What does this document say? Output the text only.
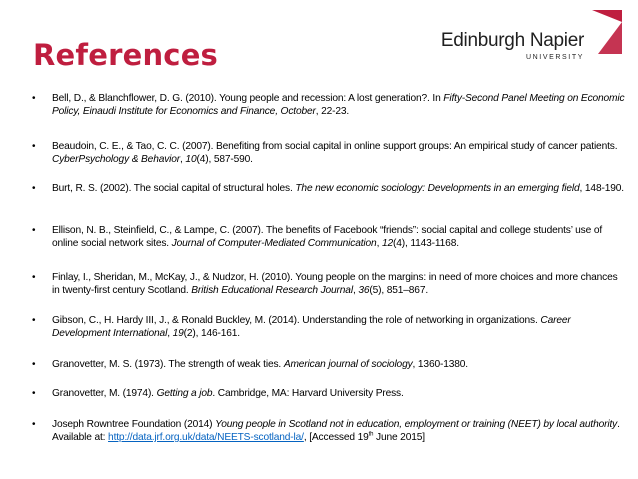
References	Edinburgh Napier
UNIVERSITY
• Bell, D., & Blanchflower, D. G. (2010). Young people and recession: A lost generation?. In Fifty-Second Panel Meeting on Economic Policy, Einaudi Institute for Economics and Finance, October, 22-23.
• Beaudoin, C. E., & Tao, C. C. (2007). Benefiting from social capital in online support groups: An empirical study of cancer patients. CyberPsychology & Behavior, 10(4), 587-590.
• Burt, R. S. (2002). The social capital of structural holes. The new economic sociology: Developments in an emerging field, 148-190.
• Ellison, N. B., Steinfield, C., & Lampe, C. (2007). The benefits of Facebook “friends”: social capital and college students’ use of online social network sites. Journal of Computer‐Mediated Communication, 12(4), 1143-1168.
• Finlay, I., Sheridan, M., McKay, J., & Nudzor, H. (2010). Young people on the margins: in need of more choices and more chances in twenty‐first century Scotland. British Educational Research Journal, 36(5), 851–867.
• Gibson, C., H. Hardy III, J., & Ronald Buckley, M. (2014). Understanding the role of networking in organizations. Career Development International, 19(2), 146-161.
• Granovetter, M. S. (1973). The strength of weak ties. American journal of sociology, 1360-1380.
• Granovetter, M. (1974). Getting a job. Cambridge, MA: Harvard University Press.
• Joseph Rowntree Foundation (2014) Young people in Scotland not in education, employment or training (NEET) by local authority. Available at: http://data.jrf.org.uk/data/NEETS-scotland-la/, [Accessed 19th June 2015]
